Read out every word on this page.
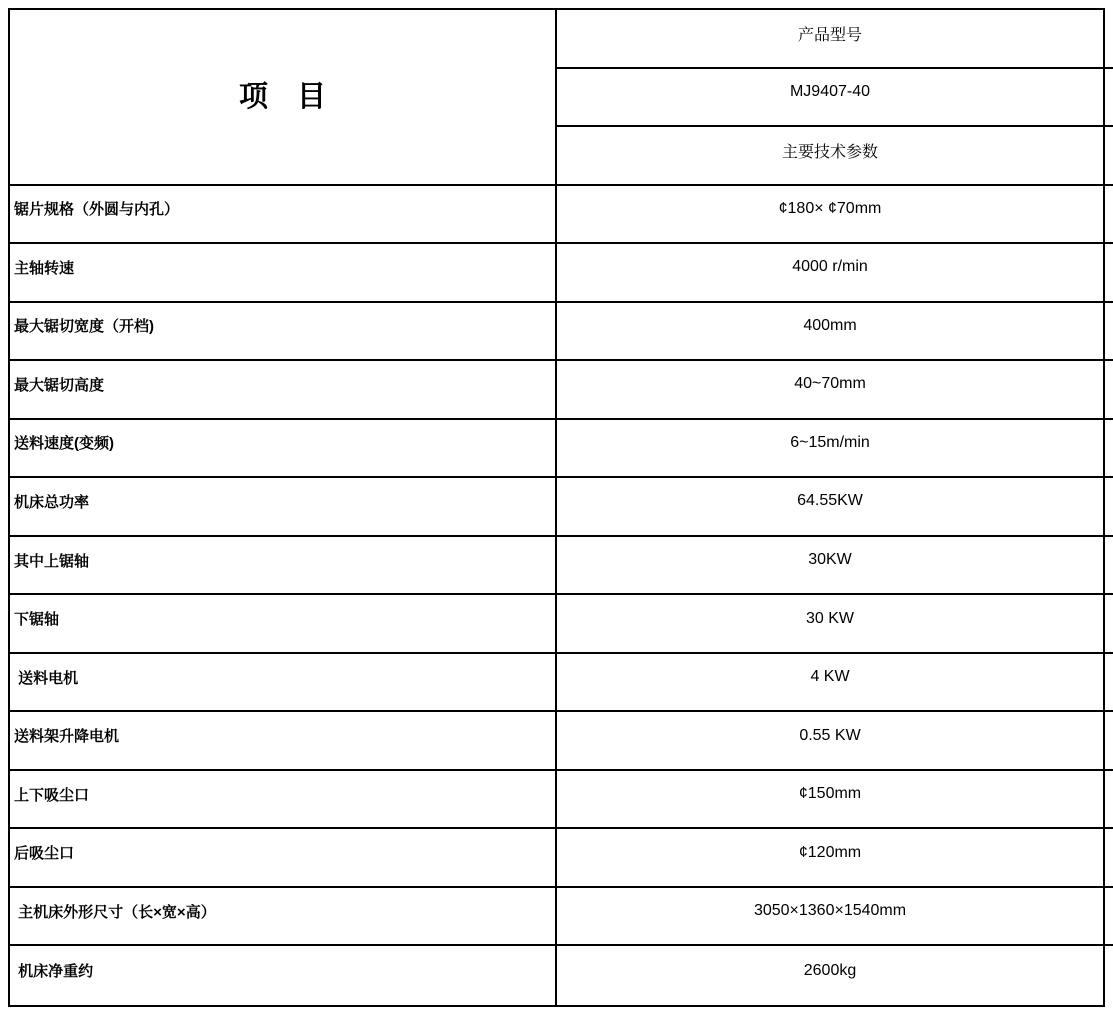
项　目
产品型号
MJ9407-40
主要技术参数
锯片规格（外圆与内孔）	¢180× ¢70mm
主轴转速	4000 r/min
最大锯切宽度（开档)	400mm
最大锯切高度	40~70mm
送料速度(变频)	6~15m/min
机床总功率	64.55KW
其中上锯轴	30KW
下锯轴	30 KW
送料电机	4 KW
送料架升降电机	0.55 KW
上下吸尘口	¢150mm
后吸尘口	¢120mm
主机床外形尺寸（长×宽×高）	3050×1360×1540mm
机床净重约	2600kg
